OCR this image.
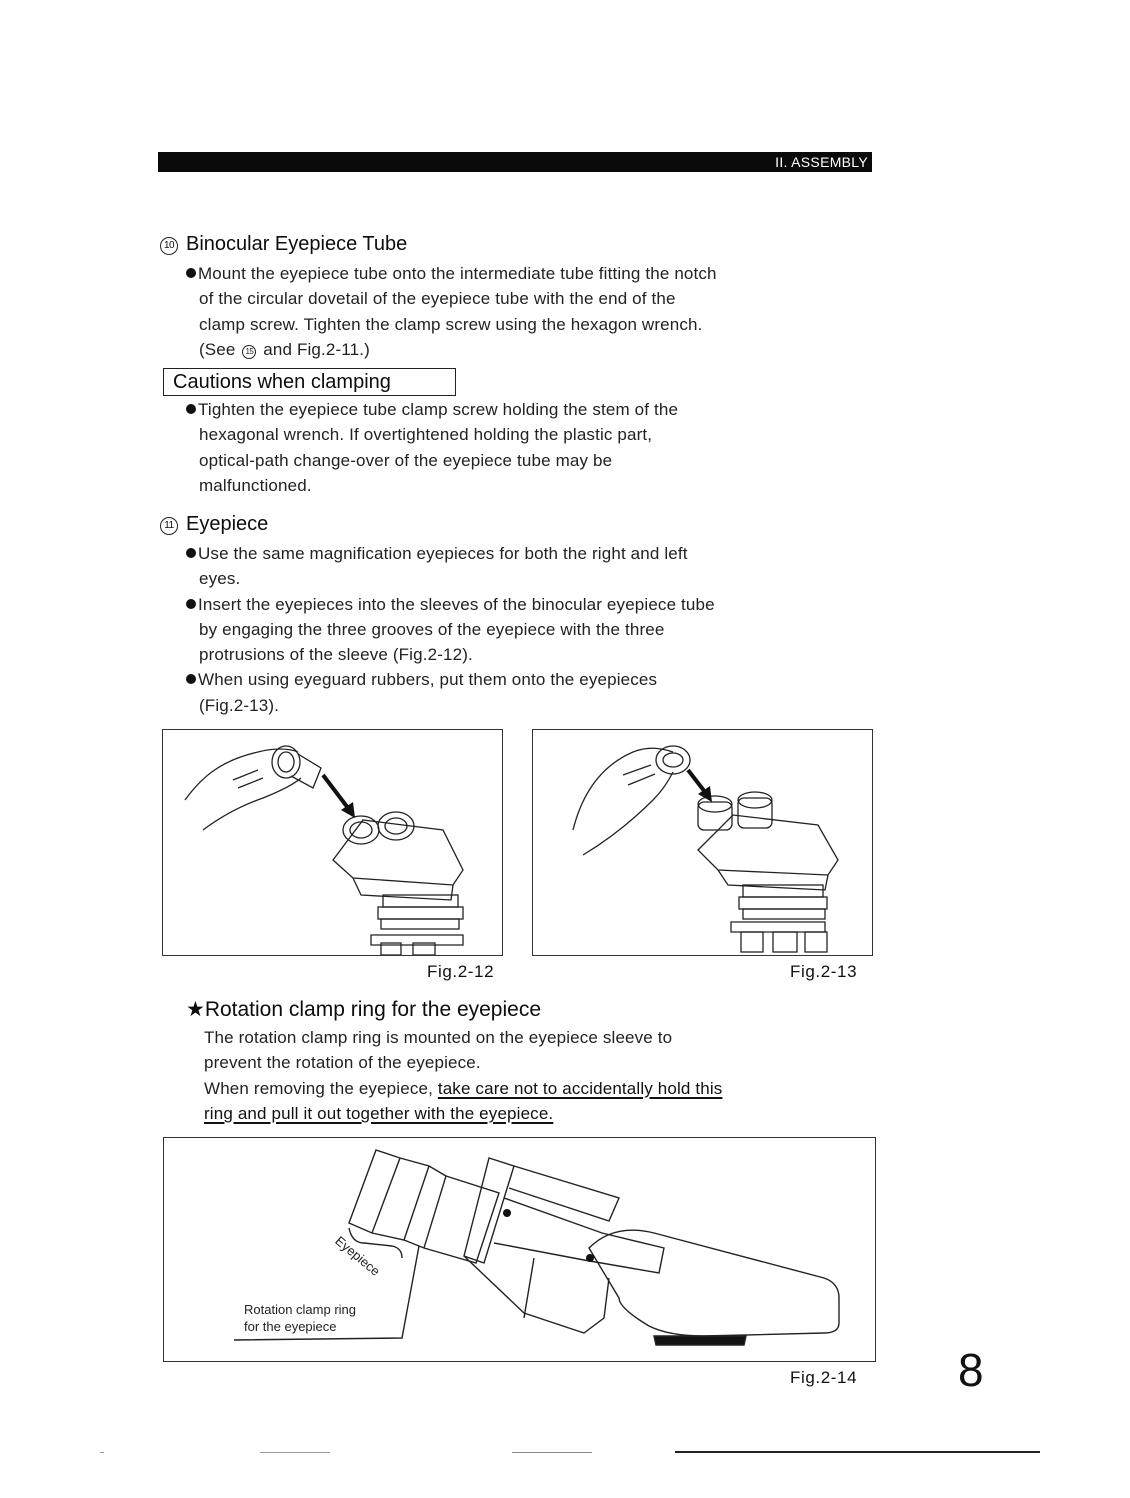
II. ASSEMBLY
10 Binocular Eyepiece Tube
Mount the eyepiece tube onto the intermediate tube fitting the notch
of the circular dovetail of the eyepiece tube with the end of the
clamp screw. Tighten the clamp screw using the hexagon wrench.
(See 15 and Fig.2-11.)
Cautions when clamping
Tighten the eyepiece tube clamp screw holding the stem of the
hexagonal wrench. If overtightened holding the plastic part,
optical-path change-over of the eyepiece tube may be
malfunctioned.
11 Eyepiece
Use the same magnification eyepieces for both the right and left
eyes.
Insert the eyepieces into the sleeves of the binocular eyepiece tube
by engaging the three grooves of the eyepiece with the three
protrusions of the sleeve (Fig.2-12).
When using eyeguard rubbers, put them onto the eyepieces
(Fig.2-13).
Fig.2-12	Fig.2-13
★Rotation clamp ring for the eyepiece
The rotation clamp ring is mounted on the eyepiece sleeve to
prevent the rotation of the eyepiece.
When removing the eyepiece, take care not to accidentally hold this
ring and pull it out together with the eyepiece.
Eyepiece
Rotation clamp ring
for the eyepiece
Fig.2-14 8
